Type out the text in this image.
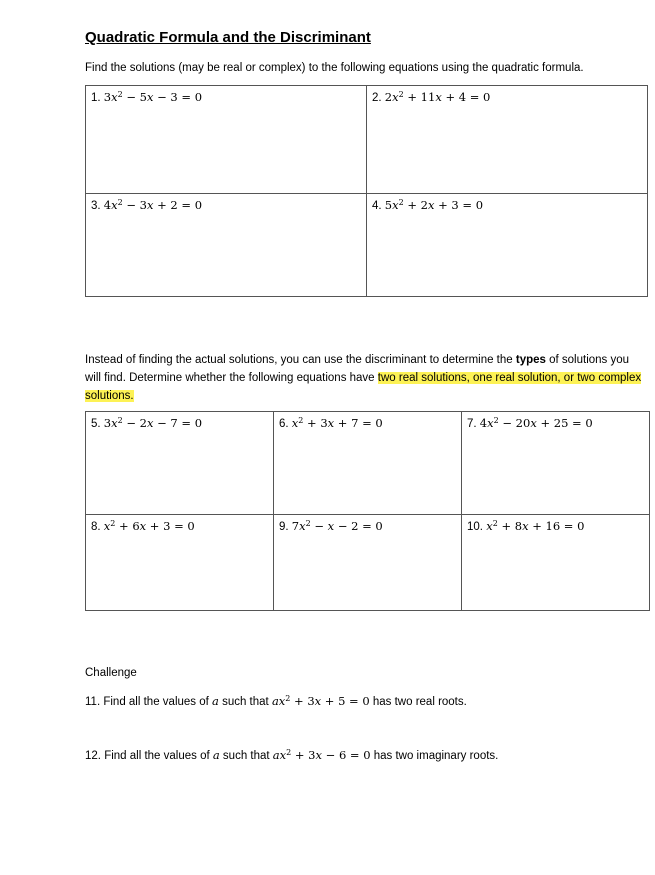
Quadratic Formula and the Discriminant
Find the solutions (may be real or complex) to the following equations using the quadratic formula.
1. $3x^2 - 5x - 3 = 0$	2. $2x^2 + 11x + 4 = 0$

3. $4x^2 - 3x + 2 = 0$	4. $5x^2 + 2x + 3 = 0$
Instead of finding the actual solutions, you can use the discriminant to determine the types of solutions you will find. Determine whether the following equations have two real solutions, one real solution, or two complex solutions.
5. $3x^2 - 2x - 7 = 0$	6. $x^2 + 3x + 7 = 0$	7. $4x^2 - 20x + 25 = 0$

8. $x^2 + 6x + 3 = 0$	9. $7x^2 - x - 2 = 0$	10. $x^2 + 8x + 16 = 0$
Challenge
11. Find all the values of a such that $ax^2 + 3x + 5 = 0$ has two real roots.
12. Find all the values of a such that $ax^2 + 3x - 6 = 0$ has two imaginary roots.
